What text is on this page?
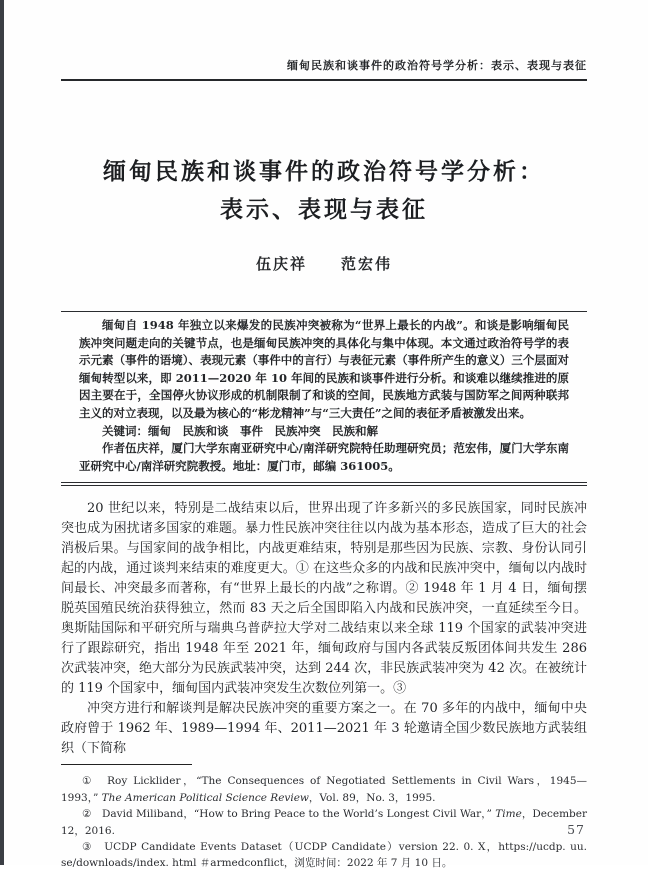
缅甸民族和谈事件的政治符号学分析：表示、表现与表征
缅甸民族和谈事件的政治符号学分析：
表示、表现与表征
伍庆祥　　范宏伟

缅甸自 1948 年独立以来爆发的民族冲突被称为“世界上最长的内战”。和谈是影响缅甸民族冲突问题走向的关键节点，也是缅甸民族冲突的具体化与集中体现。本文通过政治符号学的表示元素（事件的语境）、表现元素（事件中的言行）与表征元素（事件所产生的意义）三个层面对缅甸转型以来，即 2011—2020 年 10 年间的民族和谈事件进行分析。和谈难以继续推进的原因主要在于，全国停火协议形成的机制限制了和谈的空间，民族地方武装与国防军之间两种联邦主义的对立表现，以及最为核心的“彬龙精神”与“三大责任”之间的表征矛盾被激发出来。

关键词：缅甸　民族和谈　事件　民族冲突　民族和解

作者伍庆祥，厦门大学东南亚研究中心/南洋研究院特任助理研究员；范宏伟，厦门大学东南亚研究中心/南洋研究院教授。地址：厦门市，邮编 361005。

20 世纪以来，特别是二战结束以后，世界出现了许多新兴的多民族国家，同时民族冲突也成为困扰诸多国家的难题。暴力性民族冲突往往以内战为基本形态，造成了巨大的社会消极后果。与国家间的战争相比，内战更难结束，特别是那些因为民族、宗教、身份认同引起的内战，通过谈判来结束的难度更大。① 在这些众多的内战和民族冲突中，缅甸以内战时间最长、冲突最多而著称，有“世界上最长的内战”之称谓。② 1948 年 1 月 4 日，缅甸摆脱英国殖民统治获得独立，然而 83 天之后全国即陷入内战和民族冲突，一直延续至今日。奥斯陆国际和平研究所与瑞典乌普萨拉大学对二战结束以来全球 119 个国家的武装冲突进行了跟踪研究，指出 1948 年至 2021 年，缅甸政府与国内各武装反叛团体间共发生 286 次武装冲突，绝大部分为民族武装冲突，达到 244 次，非民族武装冲突为 42 次。在被统计的 119 个国家中，缅甸国内武装冲突发生次数位列第一。③

冲突方进行和解谈判是解决民族冲突的重要方案之一。在 70 多年的内战中，缅甸中央政府曾于 1962 年、1989—1994 年、2011—2021 年 3 轮邀请全国少数民族地方武装组织（下简称

①　Roy Licklider，“The Consequences of Negotiated Settlements in Civil Wars，1945—1993，” The American Political Science Review，Vol. 89，No. 3，1995.

②　David Miliband，“How to Bring Peace to the World’s Longest Civil War，” Time，December 12，2016.

③　UCDP Candidate Events Dataset（UCDP Candidate）version 22. 0. X，https://ucdp. uu. se/downloads/index. html ＃armedconflict，浏览时间：2022 年 7 月 10 日。

57
